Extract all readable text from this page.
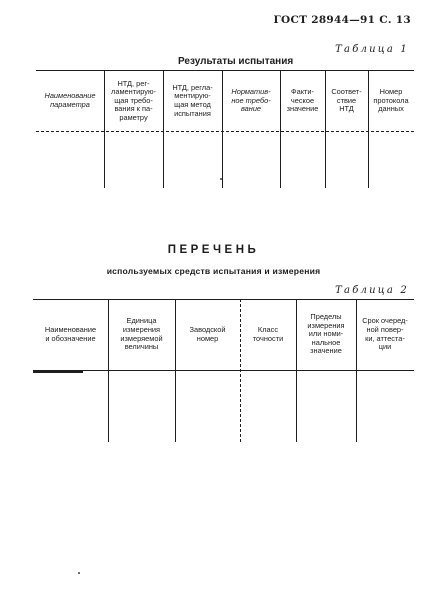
ГОСТ 28944—91 С. 13
Таблица 1
Результаты испытания
Наименование
параметра
НТД, рег-
ламентирую-
щая требо-
вания к па-
раметру
НТД, регла-
ментирую-
щая метод
испытания
Норматив-
ное требо-
вание
Факти-
ческое
значение
Соответ-
ствие
НТД
Номер
протокола
данных
ПЕРЕЧЕНЬ
используемых средств испытания и измерения
Таблица 2
Наименование
и обозначение
Единица
измерения
измеряемой
величины
Заводской
номер
Класс
точности
Пределы
измерения
или номи-
нальное
значение
Срок очеред-
ной повер-
ки, аттеста-
ции
